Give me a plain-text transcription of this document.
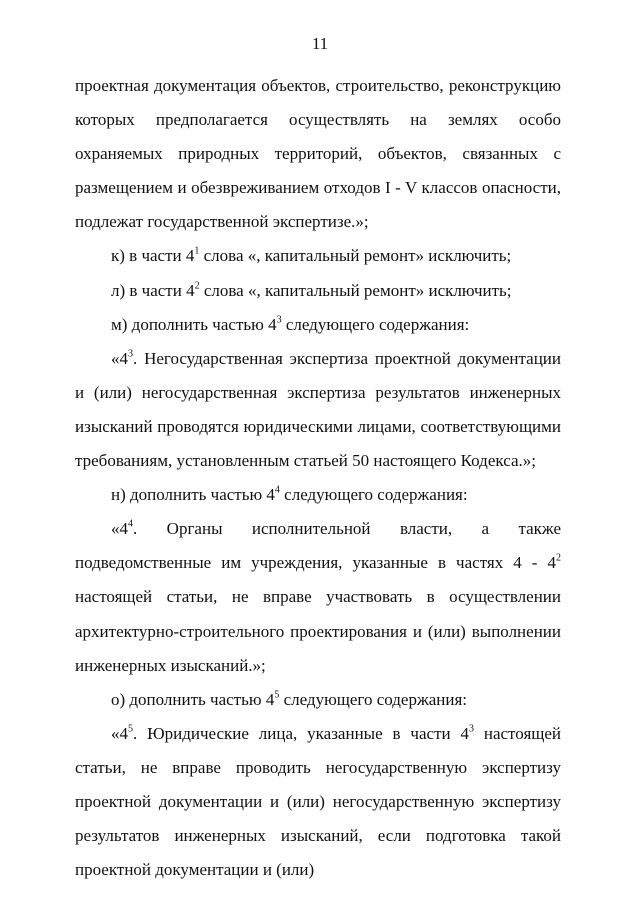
11

проектная документация объектов, строительство, реконструкцию которых предполагается осуществлять на землях особо охраняемых природных территорий, объектов, связанных с размещением и обезвреживанием отходов I - V классов опасности, подлежат государственной экспертизе.»;

к) в части $4^1$ слова «, капитальный ремонт» исключить;

л) в части $4^2$ слова «, капитальный ремонт» исключить;

м) дополнить частью $4^3$ следующего содержания:

«$4^3$. Негосударственная экспертиза проектной документации и (или) негосударственная экспертиза результатов инженерных изысканий проводятся юридическими лицами, соответствующими требованиям, установленным статьей 50 настоящего Кодекса.»;

н) дополнить частью $4^4$ следующего содержания:

«$4^4$. Органы исполнительной власти, а также подведомственные им учреждения, указанные в частях $4 - 4^2$ настоящей статьи, не вправе участвовать в осуществлении архитектурно-строительного проектирования и (или) выполнении инженерных изысканий.»;

о) дополнить частью $4^5$ следующего содержания:

«$4^5$. Юридические лица, указанные в части $4^3$ настоящей статьи, не вправе проводить негосударственную экспертизу проектной документации и (или) негосударственную экспертизу результатов инженерных изысканий, если подготовка такой проектной документации и (или)
